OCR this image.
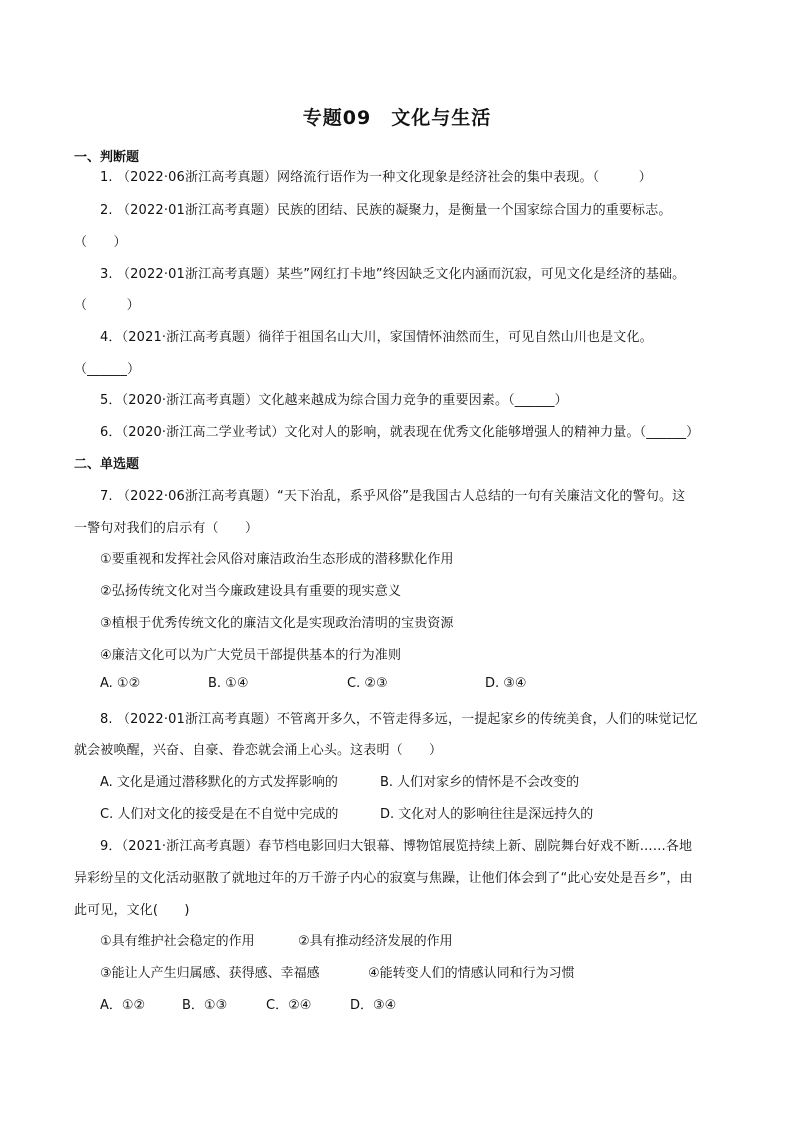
专题09　文化与生活
一、判断题
1. （2022·06浙江高考真题）网络流行语作为一种文化现象是经济社会的集中表现。（　　　）
2. （2022·01浙江高考真题）民族的团结、民族的凝聚力，是衡量一个国家综合国力的重要标志。
（　　）
3. （2022·01浙江高考真题）某些”网红打卡地”终因缺乏文化内涵而沉寂，可见文化是经济的基础。
（　　　）
4．（2021·浙江高考真题）徜徉于祖国名山大川，家国情怀油然而生，可见自然山川也是文化。
（______）
5．（2020·浙江高考真题）文化越来越成为综合国力竞争的重要因素。（______）
6．（2020·浙江高二学业考试）文化对人的影响，就表现在优秀文化能够增强人的精神力量。（______）
二、单选题
7. （2022·06浙江高考真题）“天下治乱，系乎风俗”是我国古人总结的一句有关廉洁文化的警句。这
一警句对我们的启示有（　　）
①要重视和发挥社会风俗对廉洁政治生态形成的潜移默化作用
②弘扬传统文化对当今廉政建设具有重要的现实意义
③植根于优秀传统文化的廉洁文化是实现政治清明的宝贵资源
④廉洁文化可以为广大党员干部提供基本的行为准则
A. ①②	B. ①④	C. ②③	D. ③④
8. （2022·01浙江高考真题）不管离开多久，不管走得多远，一提起家乡的传统美食，人们的味觉记忆
就会被唤醒，兴奋、自豪、眷恋就会涌上心头。这表明（　　）
A. 文化是通过潜移默化的方式发挥影响的	B. 人们对家乡的情怀是不会改变的
C. 人们对文化的接受是在不自觉中完成的	D. 文化对人的影响往往是深远持久的
9．（2021·浙江高考真题）春节档电影回归大银幕、博物馆展览持续上新、剧院舞台好戏不断……各地
异彩纷呈的文化活动驱散了就地过年的万千游子内心的寂寞与焦躁，让他们体会到了“此心安处是吾乡”，由
此可见，文化(　　)
①具有维护社会稳定的作用	②具有推动经济发展的作用
③能让人产生归属感、获得感、幸福感	④能转变人们的情感认同和行为习惯
A．①②	B．①③	C．②④	D．③④
